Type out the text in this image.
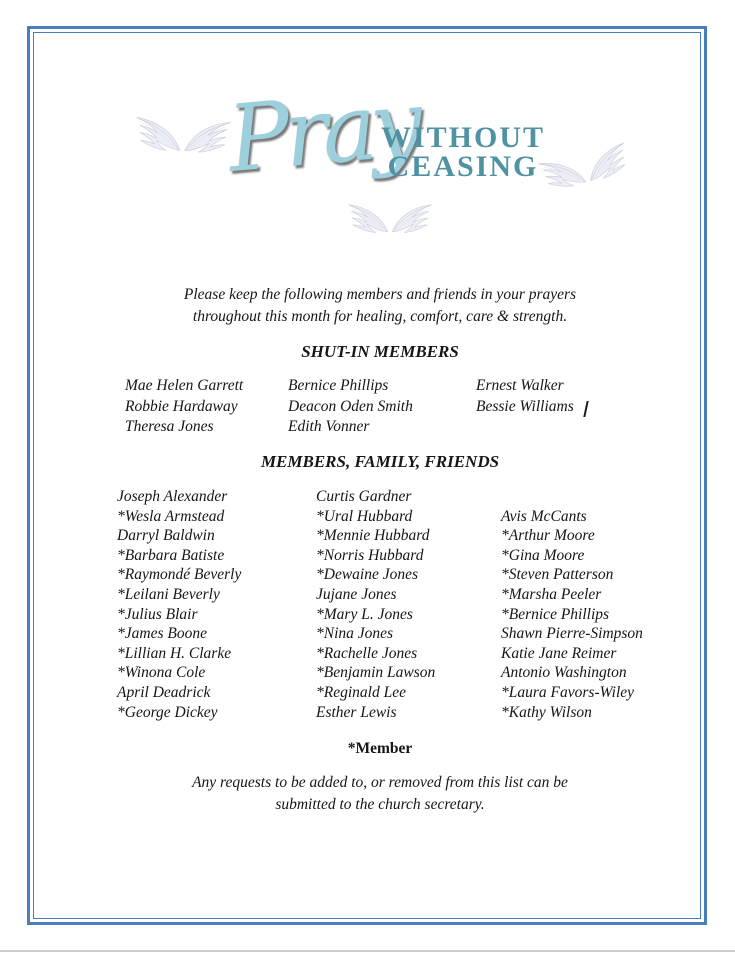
Pray
WITHOUT
CEASING
Please keep the following members and friends in your prayers
throughout this month for healing, comfort, care & strength.
SHUT-IN MEMBERS
Mae Helen Garrett
Robbie Hardaway
Theresa Jones
Bernice Phillips
Deacon Oden Smith
Edith Vonner
Ernest Walker
Bessie Williams
MEMBERS, FAMILY, FRIENDS
Joseph Alexander
*Wesla Armstead
Darryl Baldwin
*Barbara Batiste
*Raymondé Beverly
*Leilani Beverly
*Julius Blair
*James Boone
*Lillian H. Clarke
*Winona Cole
April Deadrick
*George Dickey
Curtis Gardner
*Ural Hubbard
*Mennie Hubbard
*Norris Hubbard
*Dewaine Jones
Jujane Jones
*Mary L. Jones
*Nina Jones
*Rachelle Jones
*Benjamin Lawson
*Reginald Lee
Esther Lewis
Avis McCants
*Arthur Moore
*Gina Moore
*Steven Patterson
*Marsha Peeler
*Bernice Phillips
Shawn Pierre-Simpson
Katie Jane Reimer
Antonio Washington
*Laura Favors-Wiley
*Kathy Wilson
*Member
Any requests to be added to, or removed from this list can be
submitted to the church secretary.
